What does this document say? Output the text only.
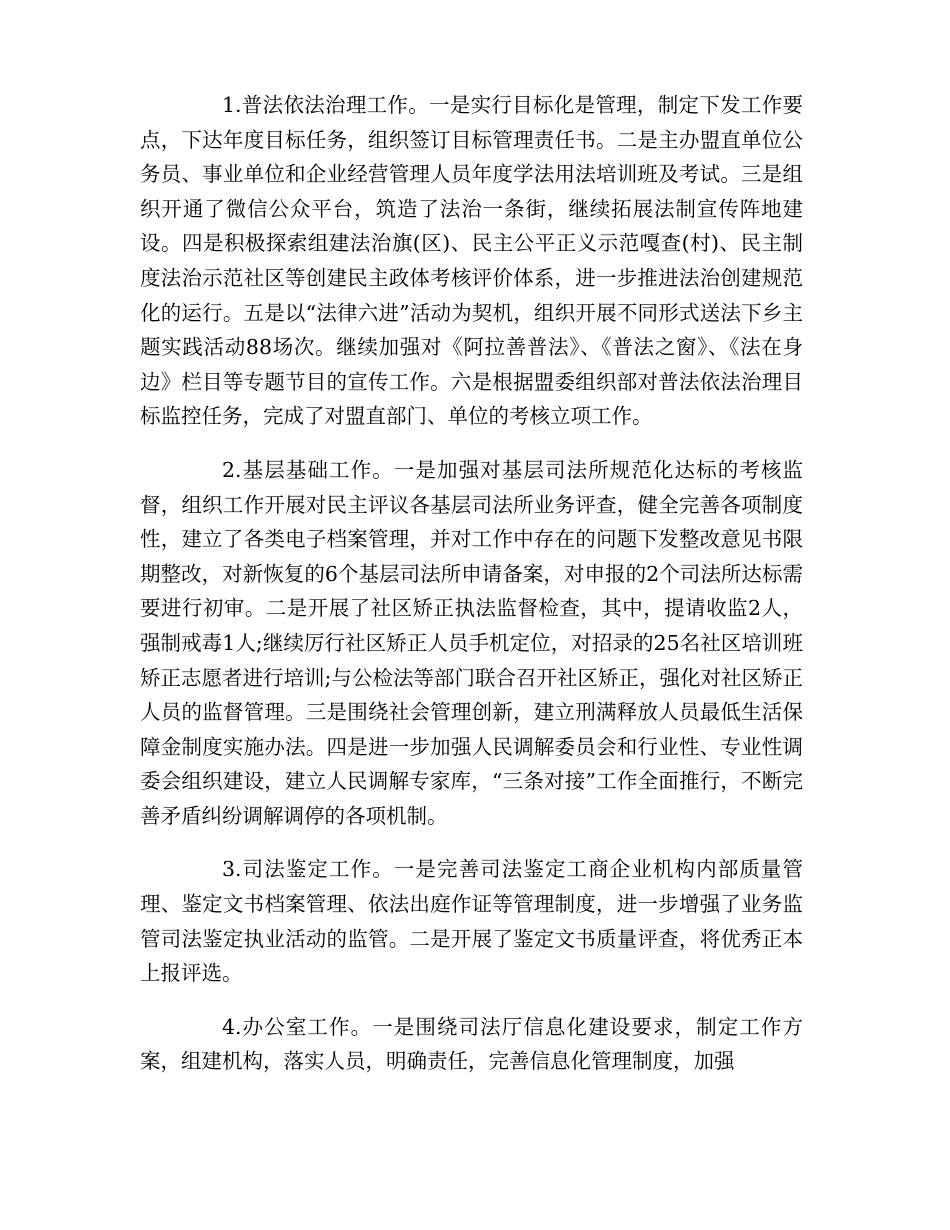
1.普法依法治理工作。一是实行目标化是管理，制定下发工作要点，下达年度目标任务，组织签订目标管理责任书。二是主办盟直单位公务员、事业单位和企业经营管理人员年度学法用法培训班及考试。三是组织开通了微信公众平台，筑造了法治一条街，继续拓展法制宣传阵地建设。四是积极探索组建法治旗(区)、民主公平正义示范嘎查(村)、民主制度法治示范社区等创建民主政体考核评价体系，进一步推进法治创建规范化的运行。五是以“法律六进”活动为契机，组织开展不同形式送法下乡主题实践活动88场次。继续加强对《阿拉善普法》、《普法之窗》、《法在身边》栏目等专题节目的宣传工作。六是根据盟委组织部对普法依法治理目标监控任务，完成了对盟直部门、单位的考核立项工作。

2.基层基础工作。一是加强对基层司法所规范化达标的考核监督，组织工作开展对民主评议各基层司法所业务评查，健全完善各项制度性，建立了各类电子档案管理，并对工作中存在的问题下发整改意见书限期整改，对新恢复的6个基层司法所申请备案，对申报的2个司法所达标需要进行初审。二是开展了社区矫正执法监督检查，其中，提请收监2人，强制戒毒1人;继续厉行社区矫正人员手机定位，对招录的25名社区培训班矫正志愿者进行培训;与公检法等部门联合召开社区矫正，强化对社区矫正人员的监督管理。三是围绕社会管理创新，建立刑满释放人员最低生活保障金制度实施办法。四是进一步加强人民调解委员会和行业性、专业性调委会组织建设，建立人民调解专家库，“三条对接”工作全面推行，不断完善矛盾纠纷调解调停的各项机制。

3.司法鉴定工作。一是完善司法鉴定工商企业机构内部质量管理、鉴定文书档案管理、依法出庭作证等管理制度，进一步增强了业务监管司法鉴定执业活动的监管。二是开展了鉴定文书质量评查，将优秀正本上报评选。

4.办公室工作。一是围绕司法厅信息化建设要求，制定工作方案，组建机构，落实人员，明确责任，完善信息化管理制度，加强
